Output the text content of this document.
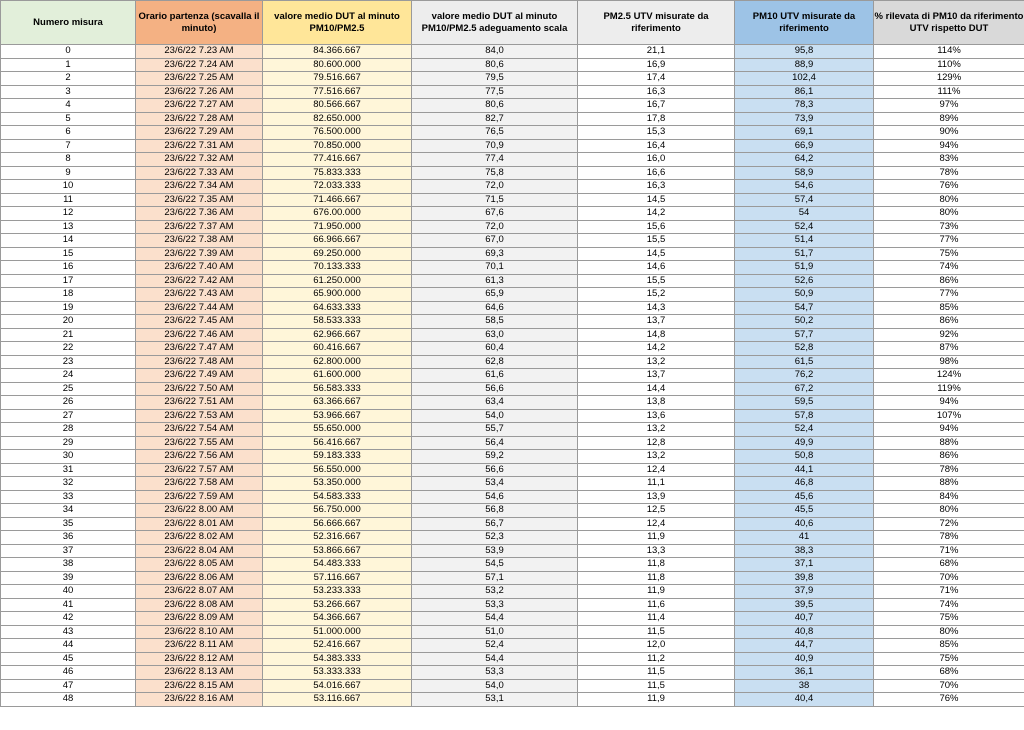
Numero misura	Orario partenza (scavalla il minuto)	valore medio DUT al minuto PM10/PM2.5	valore medio DUT al minuto PM10/PM2.5 adeguamento scala	PM2.5 UTV misurate da riferimento	PM10 UTV misurate da riferimento	% rilevata di PM10 da riferimento UTV rispetto DUT
0	23/6/22 7.23 AM	84.366.667	84,0	21,1	95,8	114%
1	23/6/22 7.24 AM	80.600.000	80,6	16,9	88,9	110%
2	23/6/22 7.25 AM	79.516.667	79,5	17,4	102,4	129%
3	23/6/22 7.26 AM	77.516.667	77,5	16,3	86,1	111%
4	23/6/22 7.27 AM	80.566.667	80,6	16,7	78,3	97%
5	23/6/22 7.28 AM	82.650.000	82,7	17,8	73,9	89%
6	23/6/22 7.29 AM	76.500.000	76,5	15,3	69,1	90%
7	23/6/22 7.31 AM	70.850.000	70,9	16,4	66,9	94%
8	23/6/22 7.32 AM	77.416.667	77,4	16,0	64,2	83%
9	23/6/22 7.33 AM	75.833.333	75,8	16,6	58,9	78%
10	23/6/22 7.34 AM	72.033.333	72,0	16,3	54,6	76%
11	23/6/22 7.35 AM	71.466.667	71,5	14,5	57,4	80%
12	23/6/22 7.36 AM	676.00.000	67,6	14,2	54	80%
13	23/6/22 7.37 AM	71.950.000	72,0	15,6	52,4	73%
14	23/6/22 7.38 AM	66.966.667	67,0	15,5	51,4	77%
15	23/6/22 7.39 AM	69.250.000	69,3	14,5	51,7	75%
16	23/6/22 7.40 AM	70.133.333	70,1	14,6	51,9	74%
17	23/6/22 7.42 AM	61.250.000	61,3	15,5	52,6	86%
18	23/6/22 7.43 AM	65.900.000	65,9	15,2	50,9	77%
19	23/6/22 7.44 AM	64.633.333	64,6	14,3	54,7	85%
20	23/6/22 7.45 AM	58.533.333	58,5	13,7	50,2	86%
21	23/6/22 7.46 AM	62.966.667	63,0	14,8	57,7	92%
22	23/6/22 7.47 AM	60.416.667	60,4	14,2	52,8	87%
23	23/6/22 7.48 AM	62.800.000	62,8	13,2	61,5	98%
24	23/6/22 7.49 AM	61.600.000	61,6	13,7	76,2	124%
25	23/6/22 7.50 AM	56.583.333	56,6	14,4	67,2	119%
26	23/6/22 7.51 AM	63.366.667	63,4	13,8	59,5	94%
27	23/6/22 7.53 AM	53.966.667	54,0	13,6	57,8	107%
28	23/6/22 7.54 AM	55.650.000	55,7	13,2	52,4	94%
29	23/6/22 7.55 AM	56.416.667	56,4	12,8	49,9	88%
30	23/6/22 7.56 AM	59.183.333	59,2	13,2	50,8	86%
31	23/6/22 7.57 AM	56.550.000	56,6	12,4	44,1	78%
32	23/6/22 7.58 AM	53.350.000	53,4	11,1	46,8	88%
33	23/6/22 7.59 AM	54.583.333	54,6	13,9	45,6	84%
34	23/6/22 8.00 AM	56.750.000	56,8	12,5	45,5	80%
35	23/6/22 8.01 AM	56.666.667	56,7	12,4	40,6	72%
36	23/6/22 8.02 AM	52.316.667	52,3	11,9	41	78%
37	23/6/22 8.04 AM	53.866.667	53,9	13,3	38,3	71%
38	23/6/22 8.05 AM	54.483.333	54,5	11,8	37,1	68%
39	23/6/22 8.06 AM	57.116.667	57,1	11,8	39,8	70%
40	23/6/22 8.07 AM	53.233.333	53,2	11,9	37,9	71%
41	23/6/22 8.08 AM	53.266.667	53,3	11,6	39,5	74%
42	23/6/22 8.09 AM	54.366.667	54,4	11,4	40,7	75%
43	23/6/22 8.10 AM	51.000.000	51,0	11,5	40,8	80%
44	23/6/22 8.11 AM	52.416.667	52,4	12,0	44,7	85%
45	23/6/22 8.12 AM	54.383.333	54,4	11,2	40,9	75%
46	23/6/22 8.13 AM	53.333.333	53,3	11,5	36,1	68%
47	23/6/22 8.15 AM	54.016.667	54,0	11,5	38	70%
48	23/6/22 8.16 AM	53.116.667	53,1	11,9	40,4	76%
